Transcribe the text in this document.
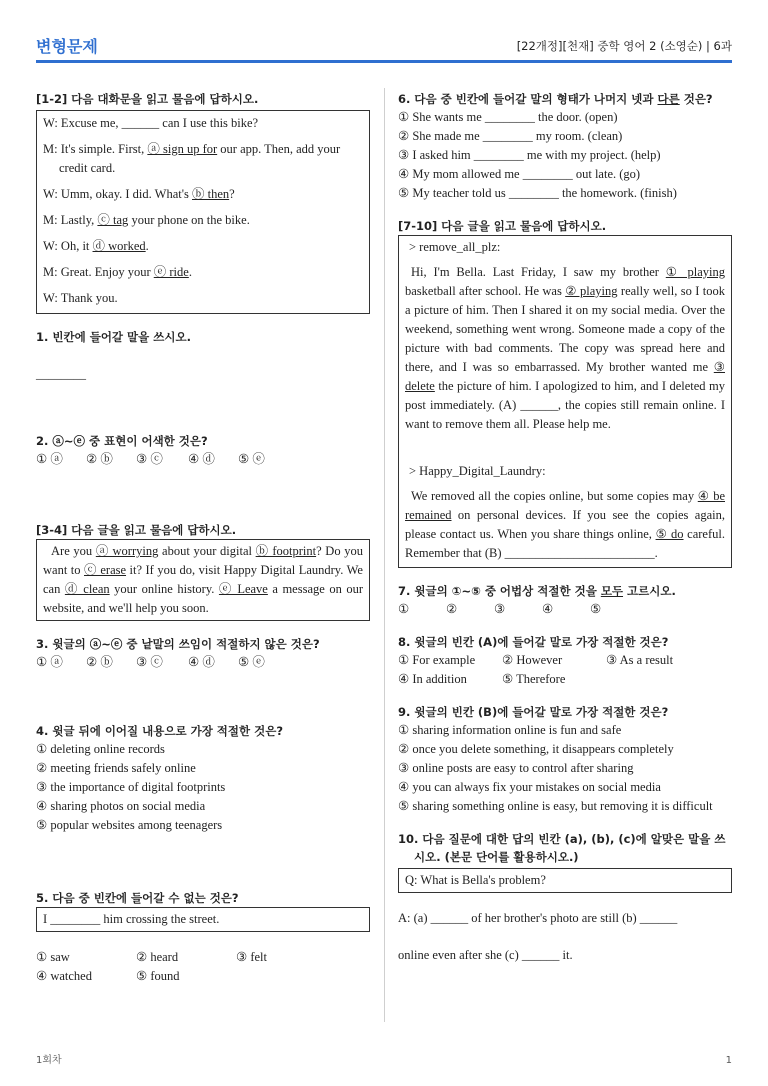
변형문제	[22개정][천재] 중학 영어 2 (소영순) | 6과

[1-2] 다음 대화문을 읽고 물음에 답하시오.

W: Excuse me, ______ can I use this bike?

M: It's simple. First, ⓐ sign up for our app. Then, add your credit card.

W: Umm, okay. I did. What's ⓑ then?

M: Lastly, ⓒ tag your phone on the bike.

W: Oh, it ⓓ worked.

M: Great. Enjoy your ⓔ ride.

W: Thank you.

1. 빈칸에 들어갈 말을 쓰시오.

________

2. ⓐ~ⓔ 중 표현이 어색한 것은?

① ⓐ	② ⓑ	③ ⓒ	④ ⓓ	⑤ ⓔ

[3-4] 다음 글을 읽고 물음에 답하시오.

Are you ⓐ worrying about your digital ⓑ footprint? Do you want to ⓒ erase it? If you do, visit Happy Digital Laundry. We can ⓓ clean your online history. ⓔ Leave a message on our website, and we'll help you soon.

3. 윗글의 ⓐ~ⓔ 중 낱말의 쓰임이 적절하지 않은 것은?

① ⓐ	② ⓑ	③ ⓒ	④ ⓓ	⑤ ⓔ

4. 윗글 뒤에 이어질 내용으로 가장 적절한 것은?

① deleting online records

② meeting friends safely online

③ the importance of digital footprints

④ sharing photos on social media

⑤ popular websites among teenagers

5. 다음 중 빈칸에 들어갈 수 없는 것은?

I ________ him crossing the street.
① saw	② heard	③ felt
④ watched	⑤ found

6. 다음 중 빈칸에 들어갈 말의 형태가 나머지 넷과 다른 것은?

① She wants me ________ the door. (open)

② She made me ________ my room. (clean)

③ I asked him ________ me with my project. (help)

④ My mom allowed me ________ out late. (go)

⑤ My teacher told us ________ the homework. (finish)

[7-10] 다음 글을 읽고 물음에 답하시오.

> remove_all_plz:

Hi, I'm Bella. Last Friday, I saw my brother ① playing basketball after school. He was ② playing really well, so I took a picture of him. Then I shared it on my social media. Over the weekend, something went wrong. Someone made a copy of the picture with bad comments. The copy was spread here and there, and I was so embarrassed. My brother wanted me ③ delete the picture of him. I apologized to him, and I deleted my post immediately. (A) ______, the copies still remain online. I want to remove them all. Please help me.

> Happy_Digital_Laundry:

We removed all the copies online, but some copies may ④ be remained on personal devices. If you see the copies again, please contact us. When you share things online, ⑤ do careful. Remember that (B) ________________________.

7. 윗글의 ①~⑤ 중 어법상 적절한 것을 모두 고르시오.

①	②	③	④	⑤

8. 윗글의 빈칸 (A)에 들어갈 말로 가장 적절한 것은?

① For example	② However	③ As a result
④ In addition	⑤ Therefore

9. 윗글의 빈칸 (B)에 들어갈 말로 가장 적절한 것은?

① sharing information online is fun and safe

② once you delete something, it disappears completely

③ online posts are easy to control after sharing

④ you can always fix your mistakes on social media

⑤ sharing something online is easy, but removing it is difficult

10. 다음 질문에 대한 답의 빈칸 (a), (b), (c)에 알맞은 말을 쓰시오. (본문 단어를 활용하시오.)

Q: What is Bella's problem?

A: (a) ______ of her brother's photo are still (b) ______

online even after she (c) ______ it.

1회차	1
